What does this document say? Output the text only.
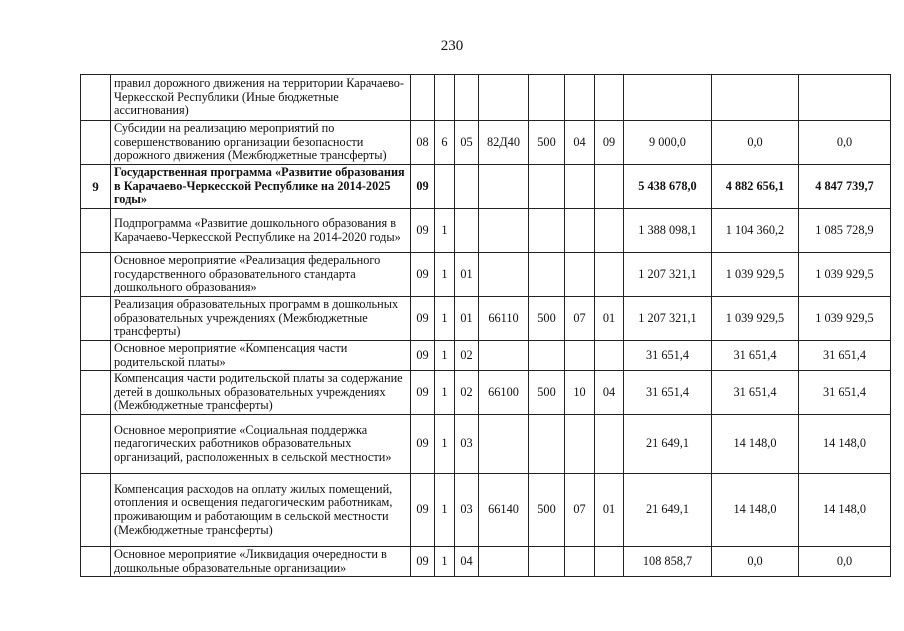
230
	правил дорожного движения на территории Карачаево-Черкесской Республики (Иные бюджетные ассигнования)										
	Субсидии на реализацию мероприятий по совершенствованию организации безопасности дорожного движения (Межбюджетные трансферты)	08	6	05	82Д40	500	04	09	9 000,0	0,0	0,0
9	Государственная программа «Развитие образования в Карачаево-Черкесской Республике на 2014-2025 годы»	09							5 438 678,0	4 882 656,1	4 847 739,7
	Подпрограмма «Развитие дошкольного образования в Карачаево-Черкесской Республике на 2014-2020 годы»	09	1						1 388 098,1	1 104 360,2	1 085 728,9
	Основное мероприятие «Реализация федерального государственного образовательного стандарта дошкольного образования»	09	1	01					1 207 321,1	1 039 929,5	1 039 929,5
	Реализация образовательных программ в дошкольных образовательных учреждениях (Межбюджетные трансферты)	09	1	01	66110	500	07	01	1 207 321,1	1 039 929,5	1 039 929,5
	Основное мероприятие «Компенсация части родительской платы»	09	1	02					31 651,4	31 651,4	31 651,4
	Компенсация части родительской платы за содержание детей в дошкольных образовательных учреждениях (Межбюджетные трансферты)	09	1	02	66100	500	10	04	31 651,4	31 651,4	31 651,4
	Основное мероприятие «Социальная поддержка педагогических работников образовательных организаций, расположенных в сельской местности»	09	1	03					21 649,1	14 148,0	14 148,0
	Компенсация расходов на оплату жилых помещений, отопления и освещения педагогическим работникам, проживающим и работающим в сельской местности (Межбюджетные трансферты)	09	1	03	66140	500	07	01	21 649,1	14 148,0	14 148,0
	Основное мероприятие «Ликвидация очередности в дошкольные образовательные организации»	09	1	04					108 858,7	0,0	0,0
